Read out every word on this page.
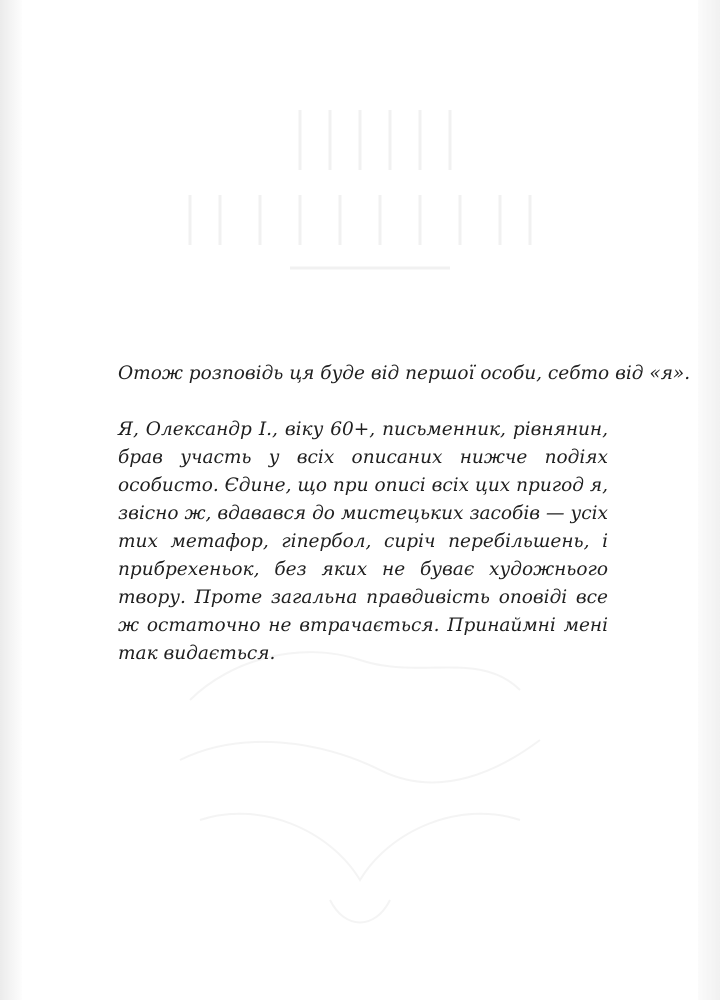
Отож розповідь ця буде від першої особи, себто від «я».

Я, Олександр І., віку 60+, письменник, рівнянин, брав участь у всіх описаних нижче подіях особисто. Єдине, що при описі всіх цих пригод я, звісно ж, вдавався до мистецьких засобів — усіх тих метафор, гіпербол, сиріч перебільшень, і прибрехеньок, без яких не буває художнього твору. Проте загальна правдивість оповіді все ж остаточно не втрачається. Принаймні мені так видається.
